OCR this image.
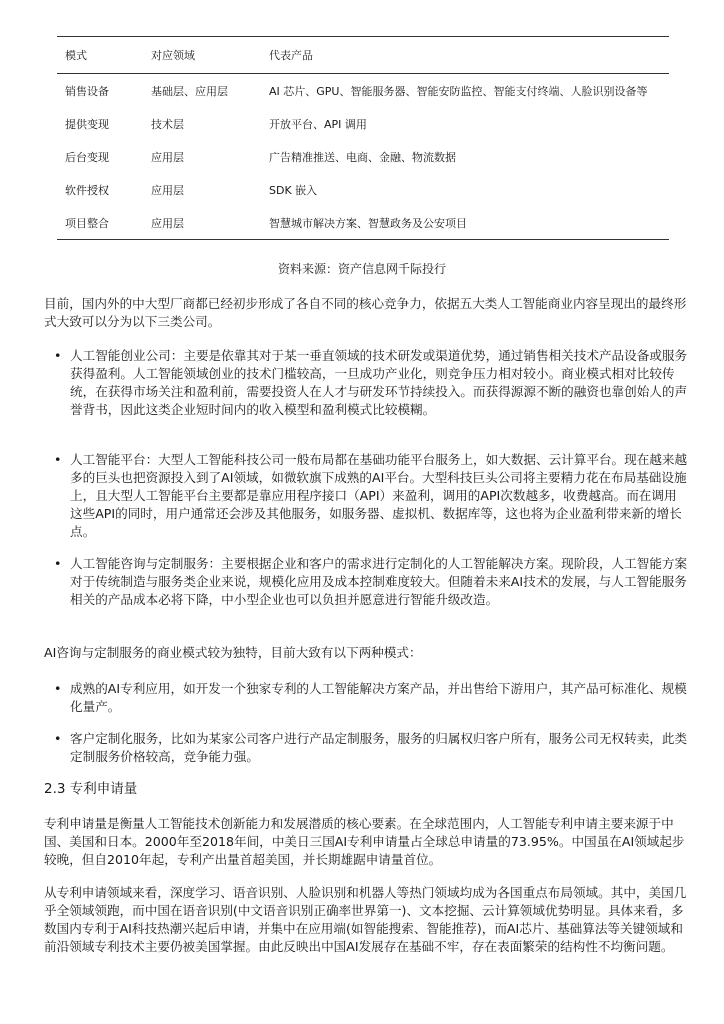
模式	对应领域	代表产品
销售设备	基础层、应用层	AI 芯片、GPU、智能服务器、智能安防监控、智能支付终端、人脸识别设备等
提供变现	技术层	开放平台、API 调用
后台变现	应用层	广告精准推送、电商、金融、物流数据
软件授权	应用层	SDK 嵌入
项目整合	应用层	智慧城市解决方案、智慧政务及公安项目
资料来源：资产信息网千际投行

目前，国内外的中大型厂商都已经初步形成了各自不同的核心竞争力，依据五大类人工智能商业内容呈现出的最终形式大致可以分为以下三类公司。

• 人工智能创业公司：主要是依靠其对于某一垂直领域的技术研发或渠道优势，通过销售相关技术产品设备或服务获得盈利。人工智能领域创业的技术门槛较高，一旦成功产业化，则竞争压力相对较小。商业模式相对比较传统，在获得市场关注和盈利前，需要投资人在人才与研发环节持续投入。而获得源源不断的融资也靠创始人的声誉背书，因此这类企业短时间内的收入模型和盈利模式比较模糊。
• 人工智能平台：大型人工智能科技公司一般布局都在基础功能平台服务上，如大数据、云计算平台。现在越来越多的巨头也把资源投入到了AI领域，如微软旗下成熟的AI平台。大型科技巨头公司将主要精力花在布局基础设施上，且大型人工智能平台主要都是靠应用程序接口（API）来盈利，调用的API次数越多，收费越高。而在调用这些API的同时，用户通常还会涉及其他服务，如服务器、虚拟机、数据库等，这也将为企业盈利带来新的增长点。
• 人工智能咨询与定制服务：主要根据企业和客户的需求进行定制化的人工智能解决方案。现阶段，人工智能方案对于传统制造与服务类企业来说，规模化应用及成本控制难度较大。但随着未来AI技术的发展，与人工智能服务相关的产品成本必将下降，中小型企业也可以负担并愿意进行智能升级改造。

AI咨询与定制服务的商业模式较为独特，目前大致有以下两种模式：

• 成熟的AI专利应用，如开发一个独家专利的人工智能解决方案产品，并出售给下游用户，其产品可标准化、规模化量产。
• 客户定制化服务，比如为某家公司客户进行产品定制服务，服务的归属权归客户所有，服务公司无权转卖，此类定制服务价格较高，竞争能力强。
2.3 专利申请量

专利申请量是衡量人工智能技术创新能力和发展潜质的核心要素。在全球范围内，人工智能专利申请主要来源于中国、美国和日本。2000年至2018年间，中美日三国AI专利申请量占全球总申请量的73.95%。中国虽在AI领域起步较晚，但自2010年起，专利产出量首超美国，并长期雄踞申请量首位。

从专利申请领域来看，深度学习、语音识别、人脸识别和机器人等热门领域均成为各国重点布局领域。其中，美国几乎全领域领跑，而中国在语音识别(中文语音识别正确率世界第一)、文本挖掘、云计算领域优势明显。具体来看，多数国内专利于AI科技热潮兴起后申请，并集中在应用端(如智能搜索、智能推荐)，而AI芯片、基础算法等关键领域和前沿领域专利技术主要仍被美国掌握。由此反映出中国AI发展存在基础不牢，存在表面繁荣的结构性不均衡问题。
